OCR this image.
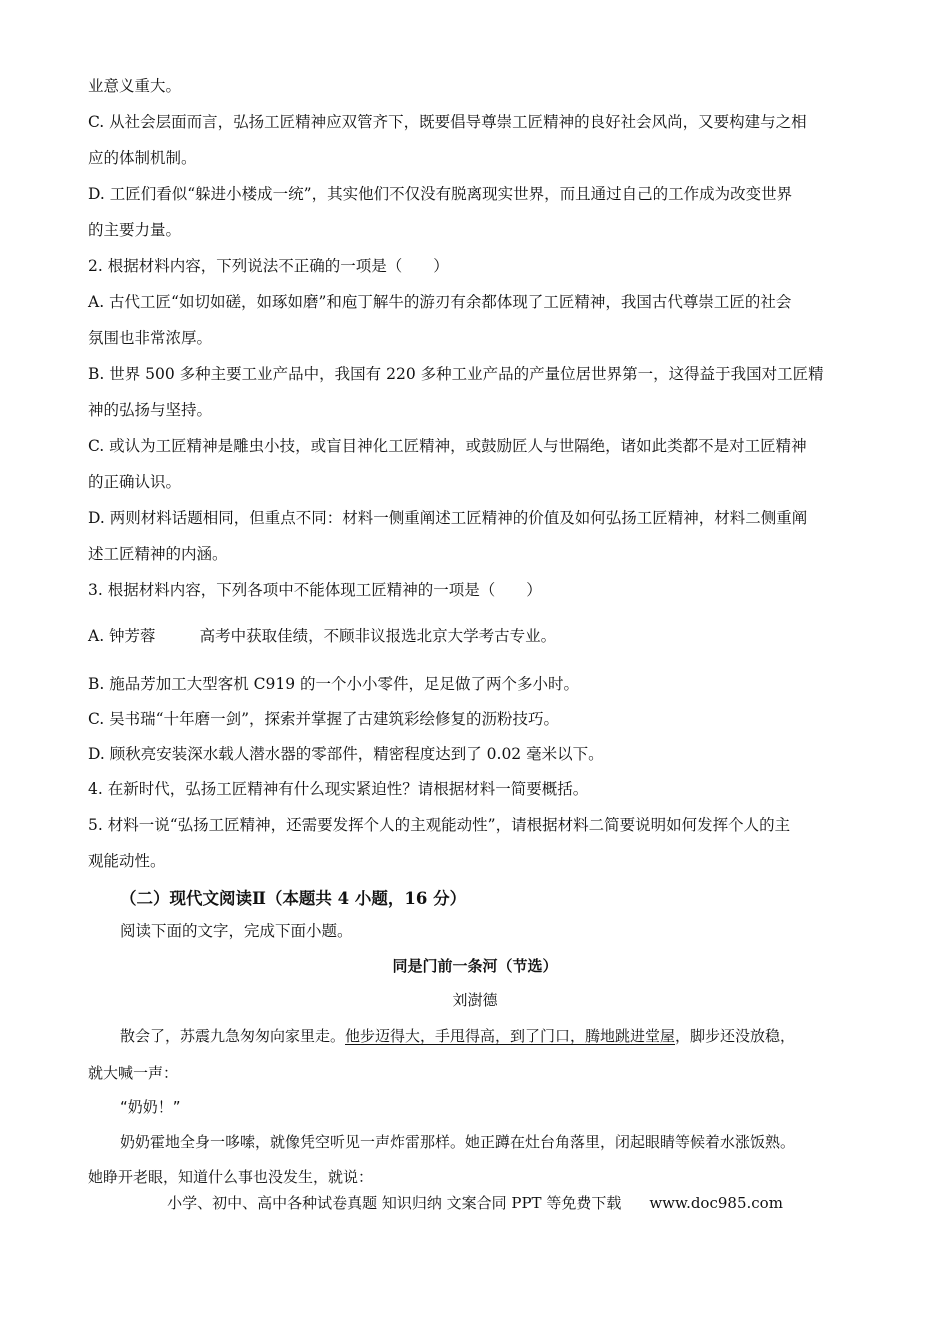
业意义重大。
C. 从社会层面而言，弘扬工匠精神应双管齐下，既要倡导尊崇工匠精神的良好社会风尚，又要构建与之相
应的体制机制。
D. 工匠们看似“躲进小楼成一统”，其实他们不仅没有脱离现实世界，而且通过自己的工作成为改变世界
的主要力量。
2. 根据材料内容，下列说法不正确的一项是（　　）
A. 古代工匠“如切如磋，如琢如磨”和庖丁解牛的游刃有余都体现了工匠精神，我国古代尊崇工匠的社会
氛围也非常浓厚。
B. 世界 500 多种主要工业产品中，我国有 220 多种工业产品的产量位居世界第一，这得益于我国对工匠精
神的弘扬与坚持。
C. 或认为工匠精神是雕虫小技，或盲目神化工匠精神，或鼓励匠人与世隔绝，诸如此类都不是对工匠精神
的正确认识。
D. 两则材料话题相同，但重点不同：材料一侧重阐述工匠精神的价值及如何弘扬工匠精神，材料二侧重阐
述工匠精神的内涵。
3. 根据材料内容，下列各项中不能体现工匠精神的一项是（　　）
A. 钟芳蓉	高考中获取佳绩，不顾非议报选北京大学考古专业。
B. 施品芳加工大型客机 C919 的一个小小零件，足足做了两个多小时。
C. 吴书瑞“十年磨一剑”，探索并掌握了古建筑彩绘修复的沥粉技巧。
D. 顾秋亮安装深水载人潜水器的零部件，精密程度达到了 0.02 毫米以下。
4. 在新时代，弘扬工匠精神有什么现实紧迫性？请根据材料一简要概括。
5. 材料一说“弘扬工匠精神，还需要发挥个人的主观能动性”，请根据材料二简要说明如何发挥个人的主
观能动性。
（二）现代文阅读Ⅱ（本题共 4 小题，16 分）
阅读下面的文字，完成下面小题。
同是门前一条河（节选）
刘澍德
散会了，苏震九急匆匆向家里走。他步迈得大，手甩得高，到了门口，腾地跳进堂屋，脚步还没放稳，
就大喊一声：
“奶奶！”
奶奶霍地全身一哆嗦，就像凭空听见一声炸雷那样。她正蹲在灶台角落里，闭起眼睛等候着水涨饭熟。
她睁开老眼，知道什么事也没发生，就说：
小学、初中、高中各种试卷真题 知识归纳 文案合同 PPT 等免费下载 www.doc985.com
